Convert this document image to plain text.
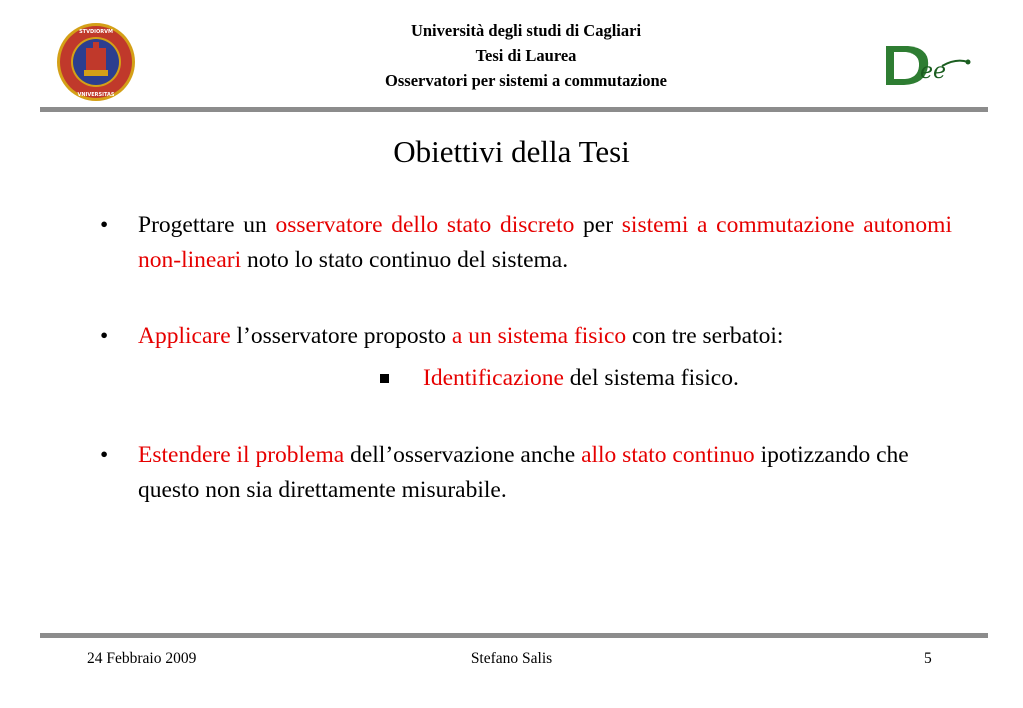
STVDIORVM
VNIVERSITAS
Università degli studi di Cagliari
Tesi di Laurea
Osservatori per sistemi a commutazione	ee
Obiettivi della Tesi
• Progettare un osservatore dello stato discreto per sistemi a commutazione autonomi non-lineari noto lo stato continuo del sistema.
• Applicare l’osservatore proposto a un sistema fisico con tre serbatoi:
Identificazione del sistema fisico.
• Estendere il problema dell’osservazione anche allo stato continuo ipotizzando che questo non sia direttamente misurabile.
24 Febbraio 2009	Stefano Salis	5
